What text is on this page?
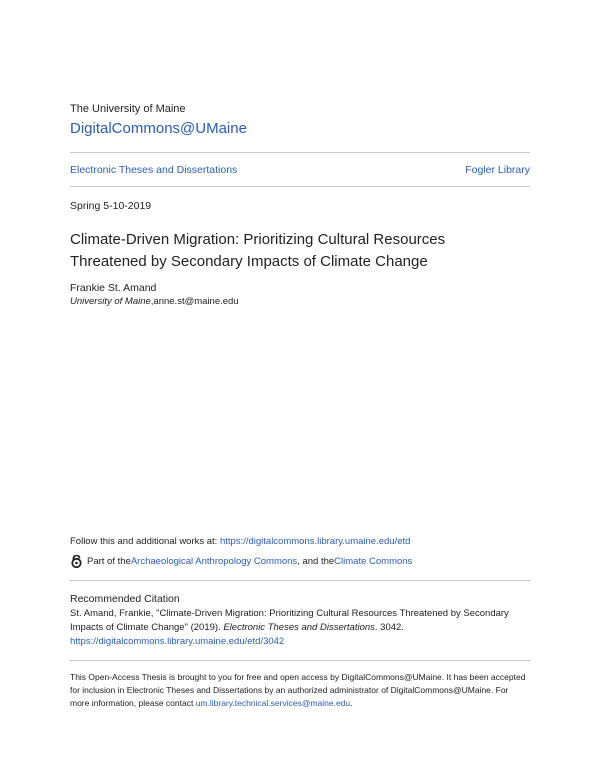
The University of Maine
DigitalCommons@UMaine
Electronic Theses and Dissertations	Fogler Library
Spring 5-10-2019
Climate-Driven Migration: Prioritizing Cultural Resources Threatened by Secondary Impacts of Climate Change
Frankie St. Amand
University of Maine,anne.st@maine.edu
Follow this and additional works at: https://digitalcommons.library.umaine.edu/etd
Part of the Archaeological Anthropology Commons , and the Climate Commons
Recommended Citation
St. Amand, Frankie, "Climate-Driven Migration: Prioritizing Cultural Resources Threatened by Secondary Impacts of Climate Change" (2019). Electronic Theses and Dissertations. 3042.
https://digitalcommons.library.umaine.edu/etd/3042
This Open-Access Thesis is brought to you for free and open access by DigitalCommons@UMaine. It has been accepted for inclusion in Electronic Theses and Dissertations by an authorized administrator of DigitalCommons@UMaine. For more information, please contact um.library.technical.services@maine.edu.
